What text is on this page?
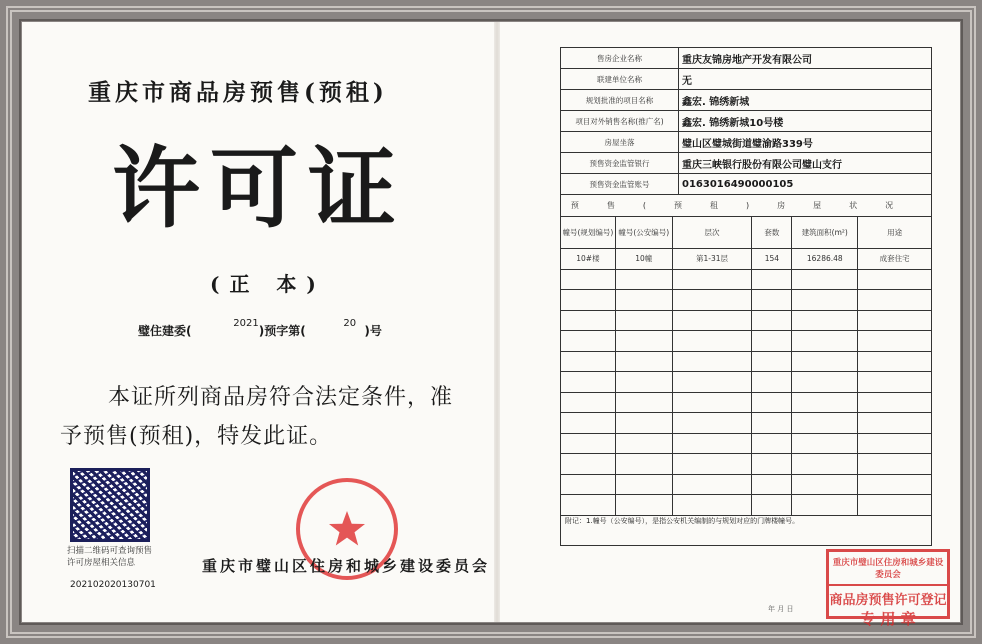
重庆市商品房预售(预租)
许可证
(正 本)
璧住建委(          $^{2021}$)预字第(         $^{20}$  )号
本证所列商品房符合法定条件，准
予预售(预租)，特发此证。
扫描二维码可查询预售许可房屋相关信息
20210202013070​1
重庆市璧山区住房和城乡建设委员会
售房企业名称	重庆友锦房地产开发有限公司
联建单位名称	无
规划批准的项目名称	鑫宏. 锦绣新城
项目对外销售名称(推广名)	鑫宏. 锦绣新城10号楼
房屋坐落	璧山区璧城街道璧渝路339号
预售资金监管银行	重庆三峡银行股份有限公司璧山支行
预售资金监管账号	0163016490000105
预售(预租)房屋状况	
幢号(规划编号)	幢号(公安编号)	层次	套数	建筑面积(m²)	用途
10#楼	10幢	第1-31层	154	16286.48	成套住宅

附记：1.幢号（公安编号），是指公安机关编制的与规划对应的门牌楼幢号。
重庆市璧山区住房和城乡建设委员会
商品房预售许可登记
专 用 章
年 月 日
